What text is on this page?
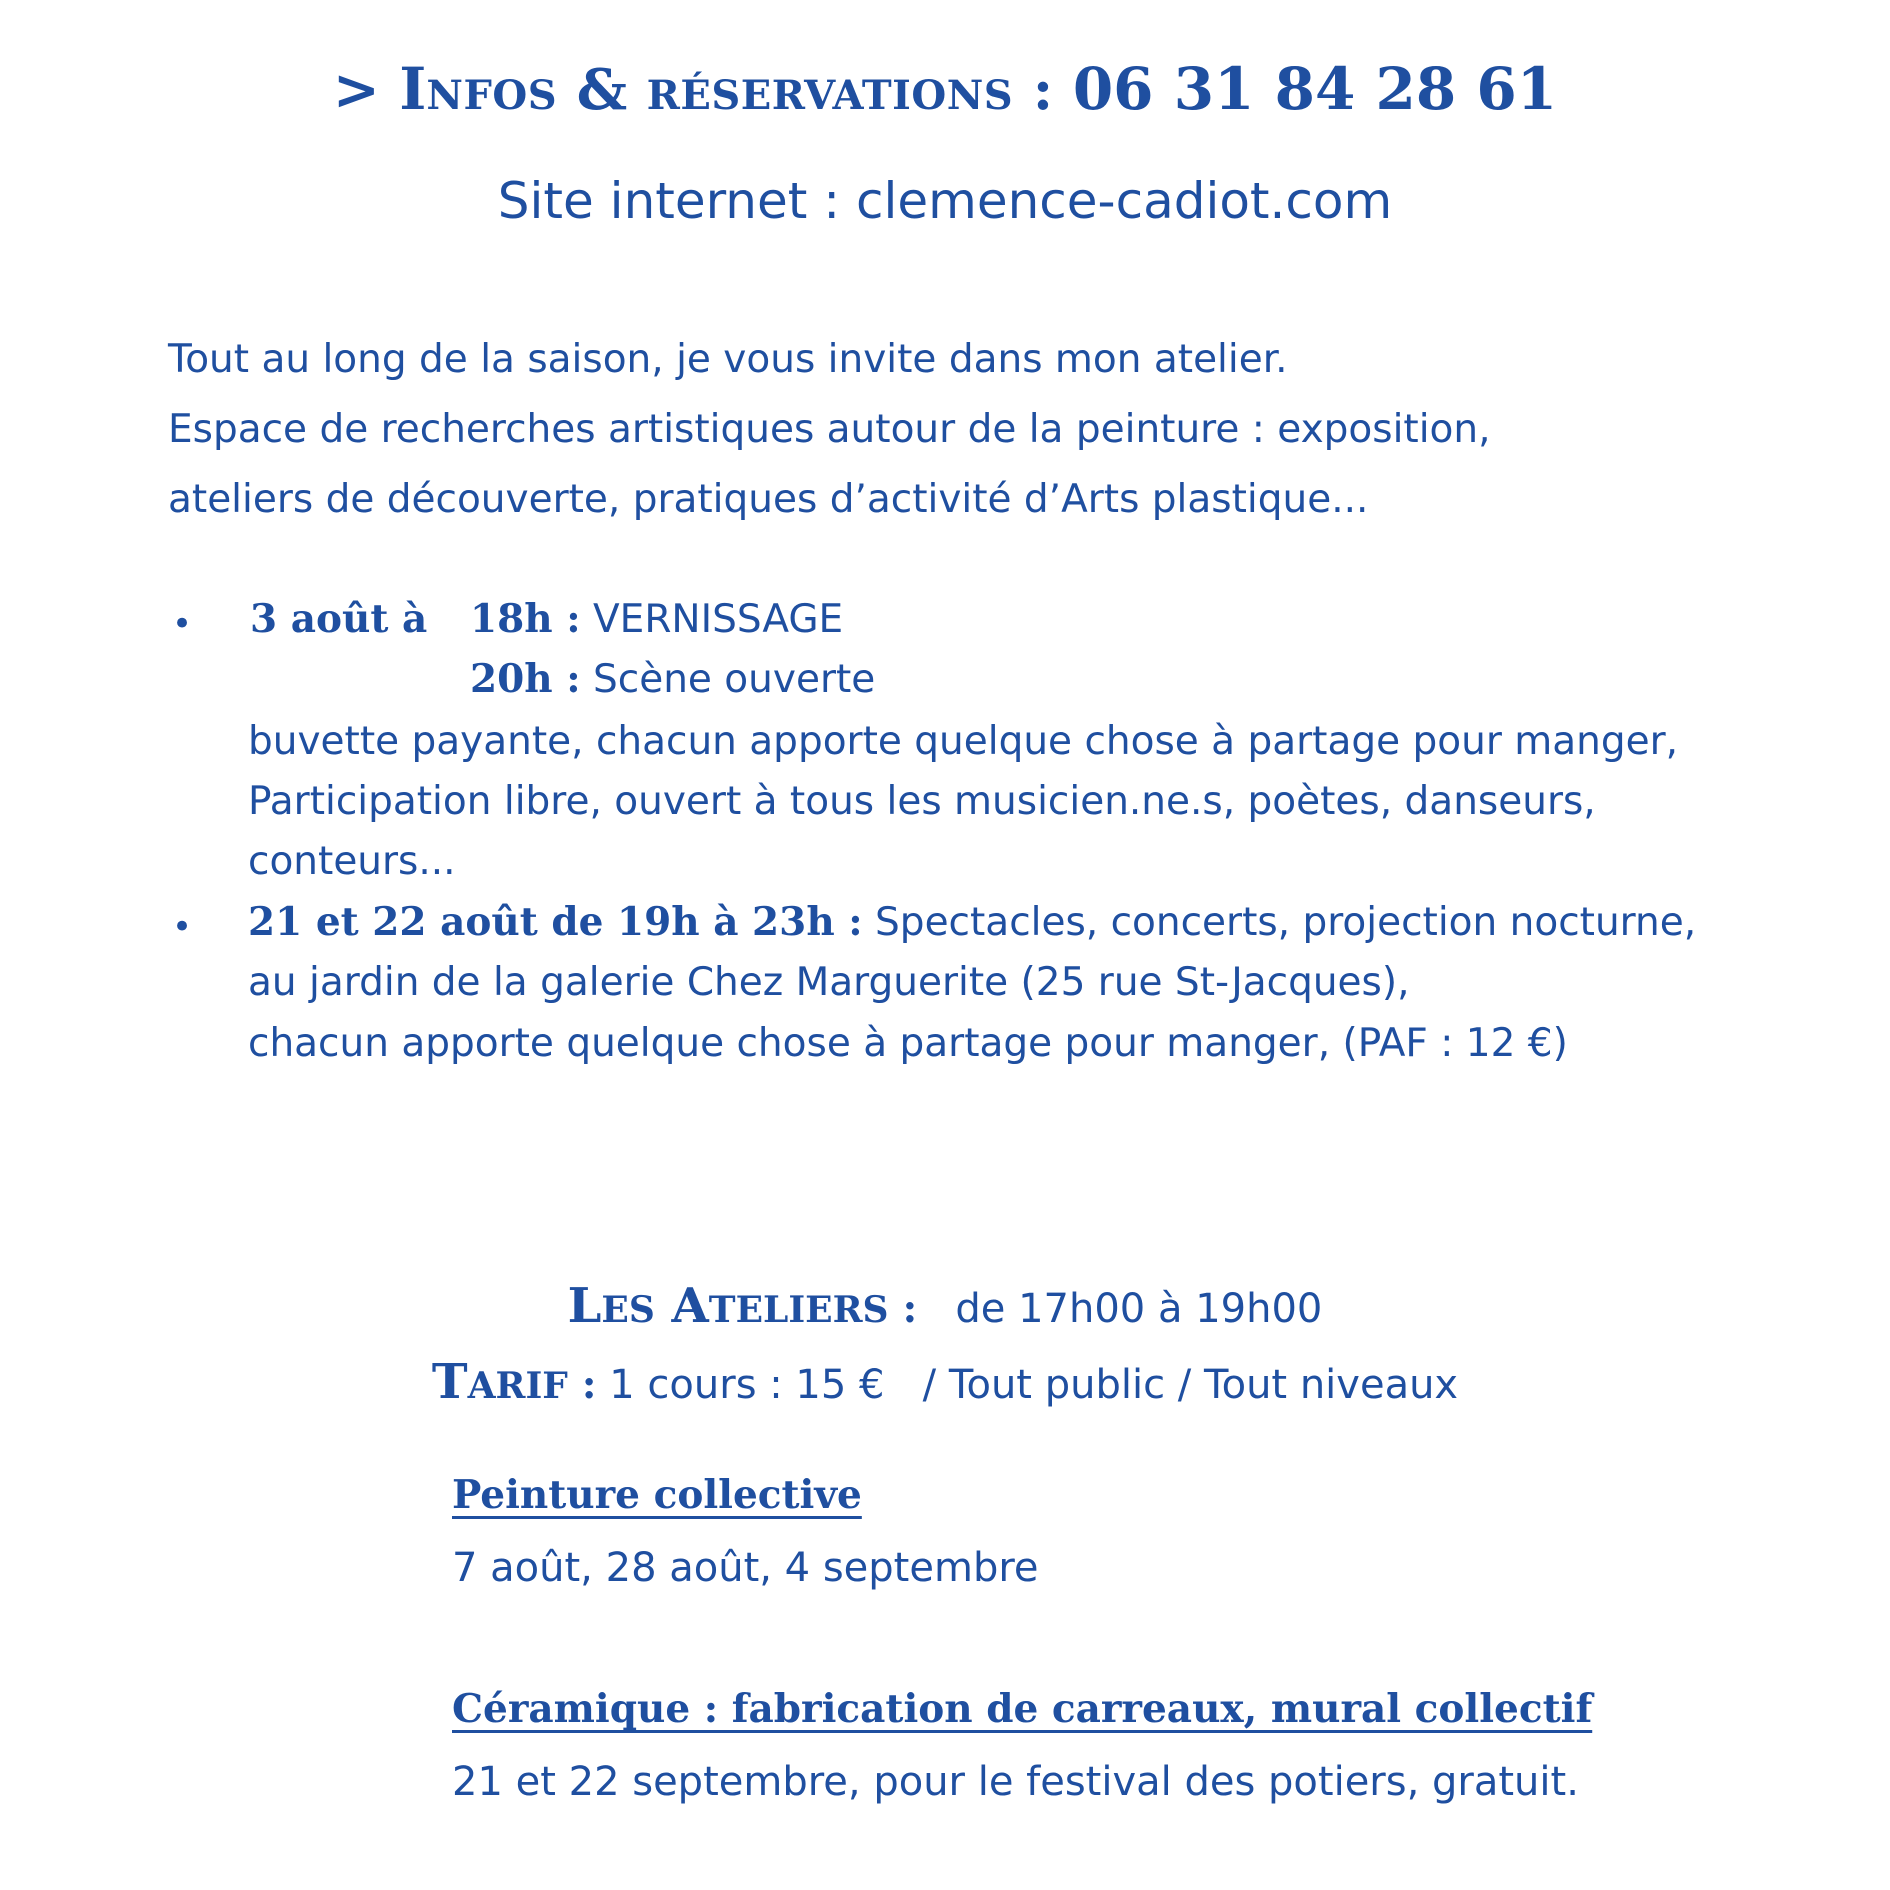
> INFOS & RÉSERVATIONS : 06 31 84 28 61
Site internet : clemence-cadiot.com
Tout au long de la saison, je vous invite dans mon atelier.
Espace de recherches artistiques autour de la peinture : exposition,
ateliers de découverte, pratiques d’activité d’Arts plastique...
• 3 août à 18h : VERNISSAGE
20h : Scène ouverte
buvette payante, chacun apporte quelque chose à partage pour manger,
Participation libre, ouvert à tous les musicien.ne.s, poètes, danseurs,
conteurs...
• 21 et 22 août de 19h à 23h : Spectacles, concerts, projection nocturne,
au jardin de la galerie Chez Marguerite (25 rue St-Jacques),
chacun apporte quelque chose à partage pour manger, (PAF : 12 €)
LES ATELIERS : de 17h00 à 19h00
TARIF : 1 cours : 15 € / Tout public / Tout niveaux
Peinture collective
7 août, 28 août, 4 septembre
Céramique : fabrication de carreaux, mural collectif
21 et 22 septembre, pour le festival des potiers, gratuit.
